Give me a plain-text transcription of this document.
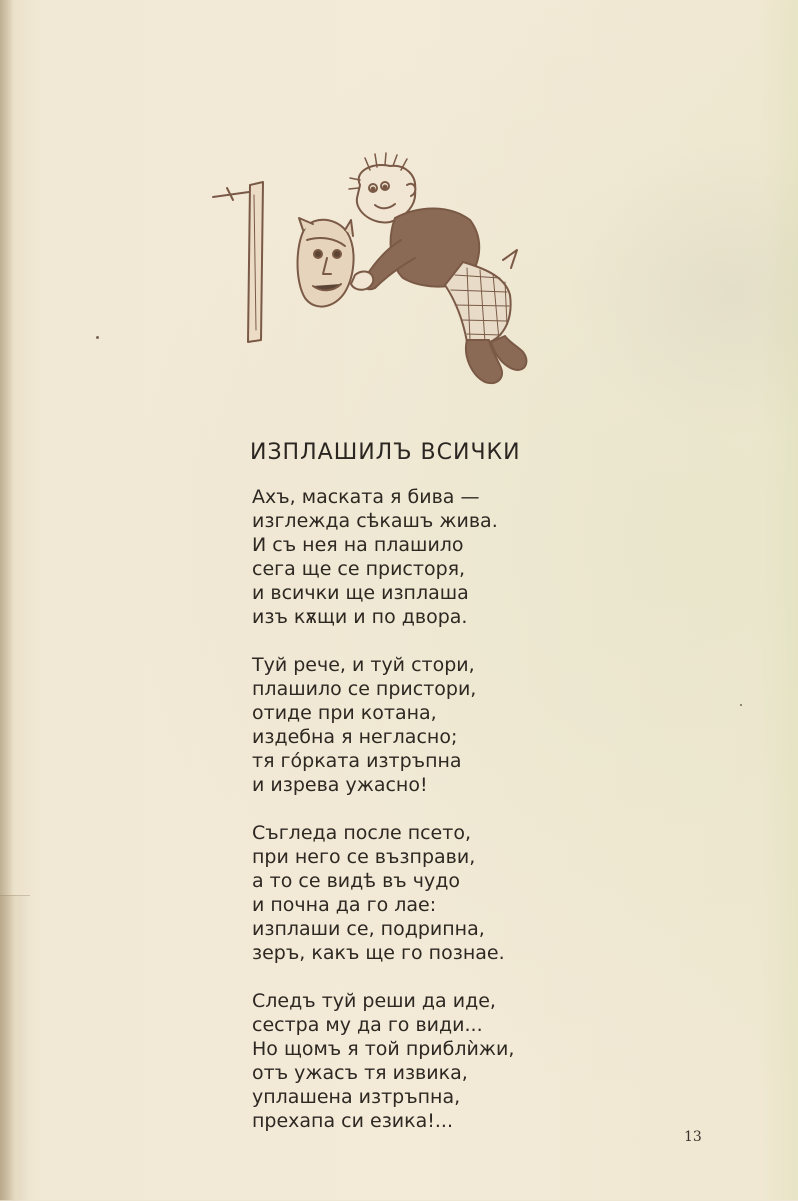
ИЗПЛАШИЛЪ ВСИЧКИ
Ахъ, маската я бива —
изглежда сѣкашъ жива.
И съ нея на плашило
сега ще се присторя,
и всички ще изплаша
изъ кѫщи и по двора.
Туй рече, и туй стори,
плашило се пристори,
отиде при котана,
издебна я негласно;
тя гóрката изтръпна
и изрева ужасно!
Съгледа после псето,
при него се възправи,
а то се видѣ въ чудо
и почна да го лае:
изплаши се, подрипна,
зеръ, какъ ще го познае.
Следъ туй реши да иде,
сестра му да го види...
Но щомъ я той приблѝжи,
отъ ужасъ тя извика,
уплашена изтръпна,
прехапа си езика!...
13
